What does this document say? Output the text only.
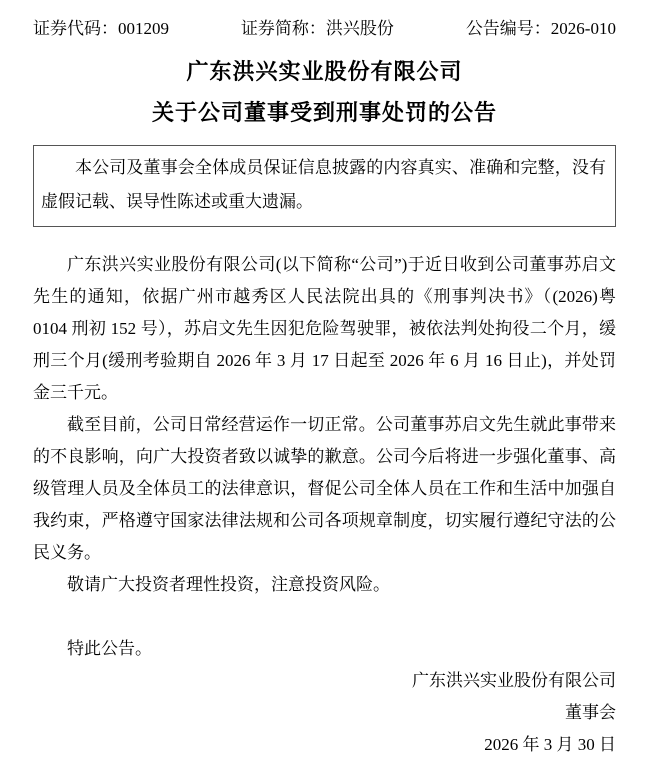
证券代码：001209	证券简称：洪兴股份	公告编号：2026-010
广东洪兴实业股份有限公司
关于公司董事受到刑事处罚的公告

本公司及董事会全体成员保证信息披露的内容真实、准确和完整，没有虚假记载、误导性陈述或重大遗漏。

广东洪兴实业股份有限公司(以下简称“公司”)于近日收到公司董事苏启文先生的通知，依据广州市越秀区人民法院出具的《刑事判决书》（(2026)粤 0104 刑初 152 号），苏启文先生因犯危险驾驶罪，被依法判处拘役二个月，缓刑三个月(缓刑考验期自 2026 年 3 月 17 日起至 2026 年 6 月 16 日止)，并处罚金三千元。

截至目前，公司日常经营运作一切正常。公司董事苏启文先生就此事带来的不良影响，向广大投资者致以诚挚的歉意。公司今后将进一步强化董事、高级管理人员及全体员工的法律意识，督促公司全体人员在工作和生活中加强自我约束，严格遵守国家法律法规和公司各项规章制度，切实履行遵纪守法的公民义务。

敬请广大投资者理性投资，注意投资风险。

特此公告。

广东洪兴实业股份有限公司
董事会
2026 年 3 月 30 日
